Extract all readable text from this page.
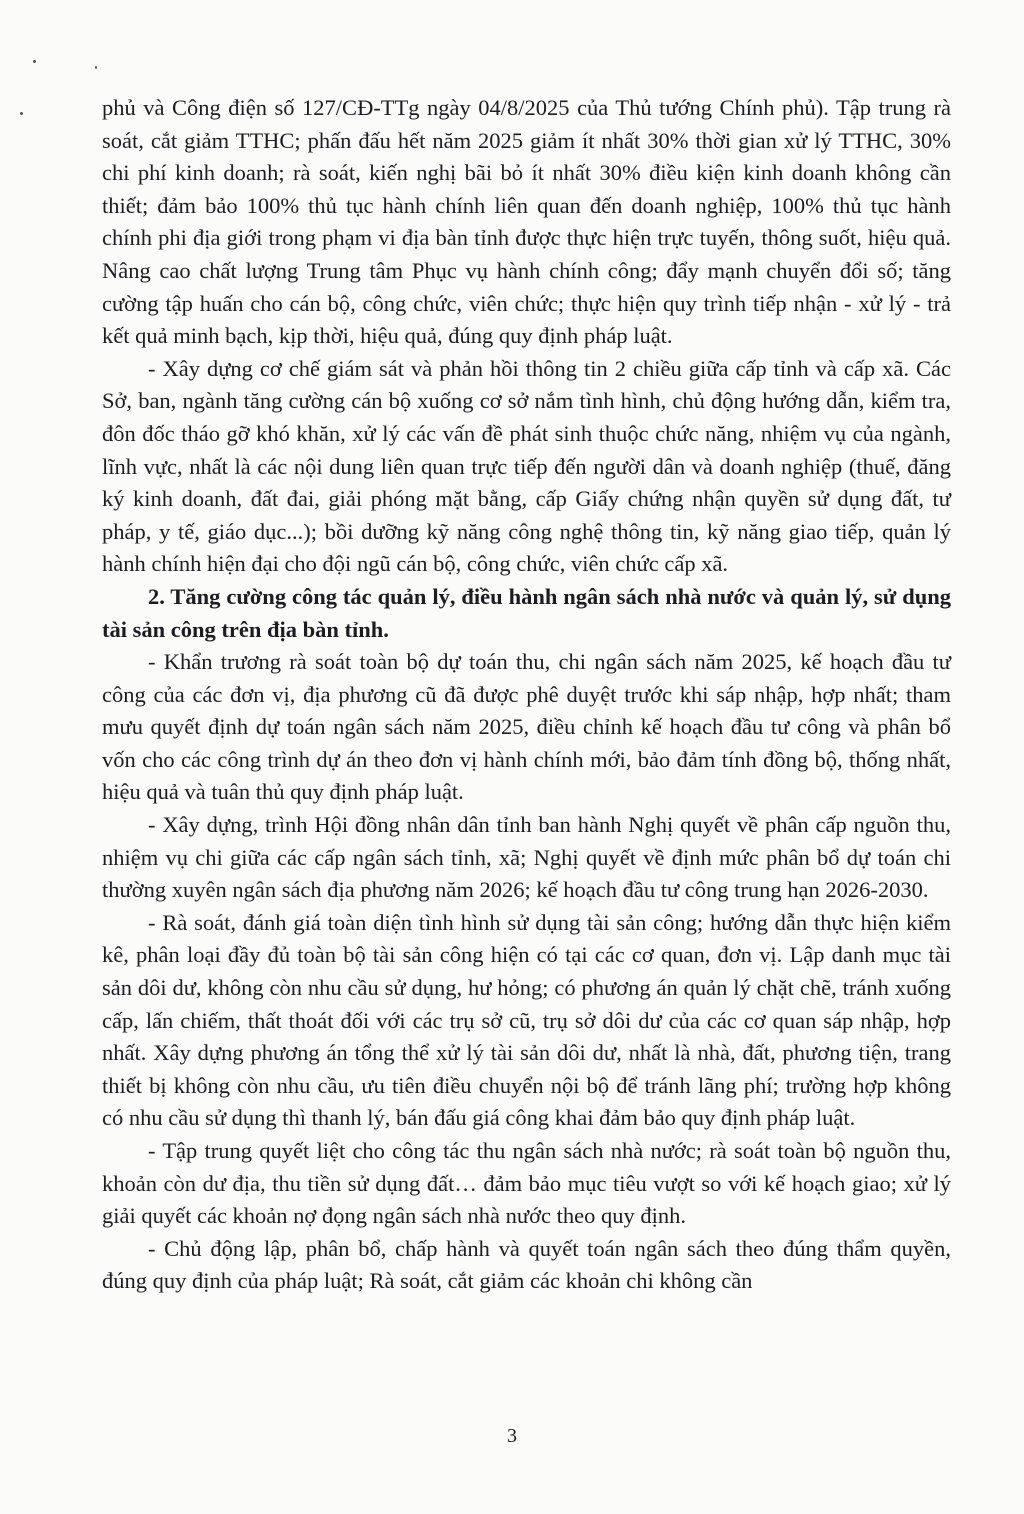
phủ và Công điện số 127/CĐ-TTg ngày 04/8/2025 của Thủ tướng Chính phủ). Tập trung rà soát, cắt giảm TTHC; phấn đấu hết năm 2025 giảm ít nhất 30% thời gian xử lý TTHC, 30% chi phí kinh doanh; rà soát, kiến nghị bãi bỏ ít nhất 30% điều kiện kinh doanh không cần thiết; đảm bảo 100% thủ tục hành chính liên quan đến doanh nghiệp, 100% thủ tục hành chính phi địa giới trong phạm vi địa bàn tỉnh được thực hiện trực tuyến, thông suốt, hiệu quả. Nâng cao chất lượng Trung tâm Phục vụ hành chính công; đẩy mạnh chuyển đổi số; tăng cường tập huấn cho cán bộ, công chức, viên chức; thực hiện quy trình tiếp nhận - xử lý - trả kết quả minh bạch, kịp thời, hiệu quả, đúng quy định pháp luật.

- Xây dựng cơ chế giám sát và phản hồi thông tin 2 chiều giữa cấp tỉnh và cấp xã. Các Sở, ban, ngành tăng cường cán bộ xuống cơ sở nắm tình hình, chủ động hướng dẫn, kiểm tra, đôn đốc tháo gỡ khó khăn, xử lý các vấn đề phát sinh thuộc chức năng, nhiệm vụ của ngành, lĩnh vực, nhất là các nội dung liên quan trực tiếp đến người dân và doanh nghiệp (thuế, đăng ký kinh doanh, đất đai, giải phóng mặt bằng, cấp Giấy chứng nhận quyền sử dụng đất, tư pháp, y tế, giáo dục...); bồi dưỡng kỹ năng công nghệ thông tin, kỹ năng giao tiếp, quản lý hành chính hiện đại cho đội ngũ cán bộ, công chức, viên chức cấp xã.

2. Tăng cường công tác quản lý, điều hành ngân sách nhà nước và quản lý, sử dụng tài sản công trên địa bàn tỉnh.

- Khẩn trương rà soát toàn bộ dự toán thu, chi ngân sách năm 2025, kế hoạch đầu tư công của các đơn vị, địa phương cũ đã được phê duyệt trước khi sáp nhập, hợp nhất; tham mưu quyết định dự toán ngân sách năm 2025, điều chỉnh kế hoạch đầu tư công và phân bổ vốn cho các công trình dự án theo đơn vị hành chính mới, bảo đảm tính đồng bộ, thống nhất, hiệu quả và tuân thủ quy định pháp luật.

- Xây dựng, trình Hội đồng nhân dân tỉnh ban hành Nghị quyết về phân cấp nguồn thu, nhiệm vụ chi giữa các cấp ngân sách tỉnh, xã; Nghị quyết về định mức phân bổ dự toán chi thường xuyên ngân sách địa phương năm 2026; kế hoạch đầu tư công trung hạn 2026-2030.

- Rà soát, đánh giá toàn diện tình hình sử dụng tài sản công; hướng dẫn thực hiện kiểm kê, phân loại đầy đủ toàn bộ tài sản công hiện có tại các cơ quan, đơn vị. Lập danh mục tài sản dôi dư, không còn nhu cầu sử dụng, hư hỏng; có phương án quản lý chặt chẽ, tránh xuống cấp, lấn chiếm, thất thoát đối với các trụ sở cũ, trụ sở dôi dư của các cơ quan sáp nhập, hợp nhất. Xây dựng phương án tổng thể xử lý tài sản dôi dư, nhất là nhà, đất, phương tiện, trang thiết bị không còn nhu cầu, ưu tiên điều chuyển nội bộ để tránh lãng phí; trường hợp không có nhu cầu sử dụng thì thanh lý, bán đấu giá công khai đảm bảo quy định pháp luật.

- Tập trung quyết liệt cho công tác thu ngân sách nhà nước; rà soát toàn bộ nguồn thu, khoản còn dư địa, thu tiền sử dụng đất… đảm bảo mục tiêu vượt so với kế hoạch giao; xử lý giải quyết các khoản nợ đọng ngân sách nhà nước theo quy định.

- Chủ động lập, phân bổ, chấp hành và quyết toán ngân sách theo đúng thẩm quyền, đúng quy định của pháp luật; Rà soát, cắt giảm các khoản chi không cần

3
